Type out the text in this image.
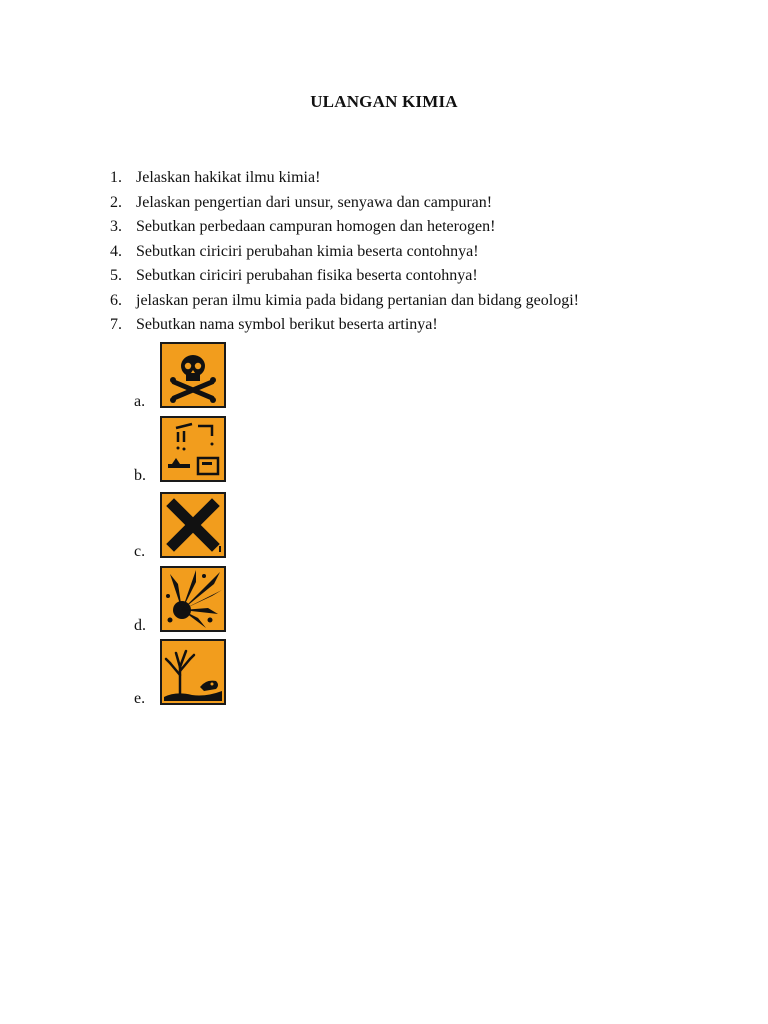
ULANGAN KIMIA
1. Jelaskan hakikat ilmu kimia!
2. Jelaskan pengertian dari unsur, senyawa dan campuran!
3. Sebutkan perbedaan campuran homogen dan heterogen!
4. Sebutkan ciriciri perubahan kimia beserta contohnya!
5. Sebutkan ciriciri perubahan fisika beserta contohnya!
6. jelaskan peran ilmu kimia pada bidang pertanian dan bidang geologi!
7. Sebutkan nama symbol berikut beserta artinya!
a.
b.
c.
d.
e.
